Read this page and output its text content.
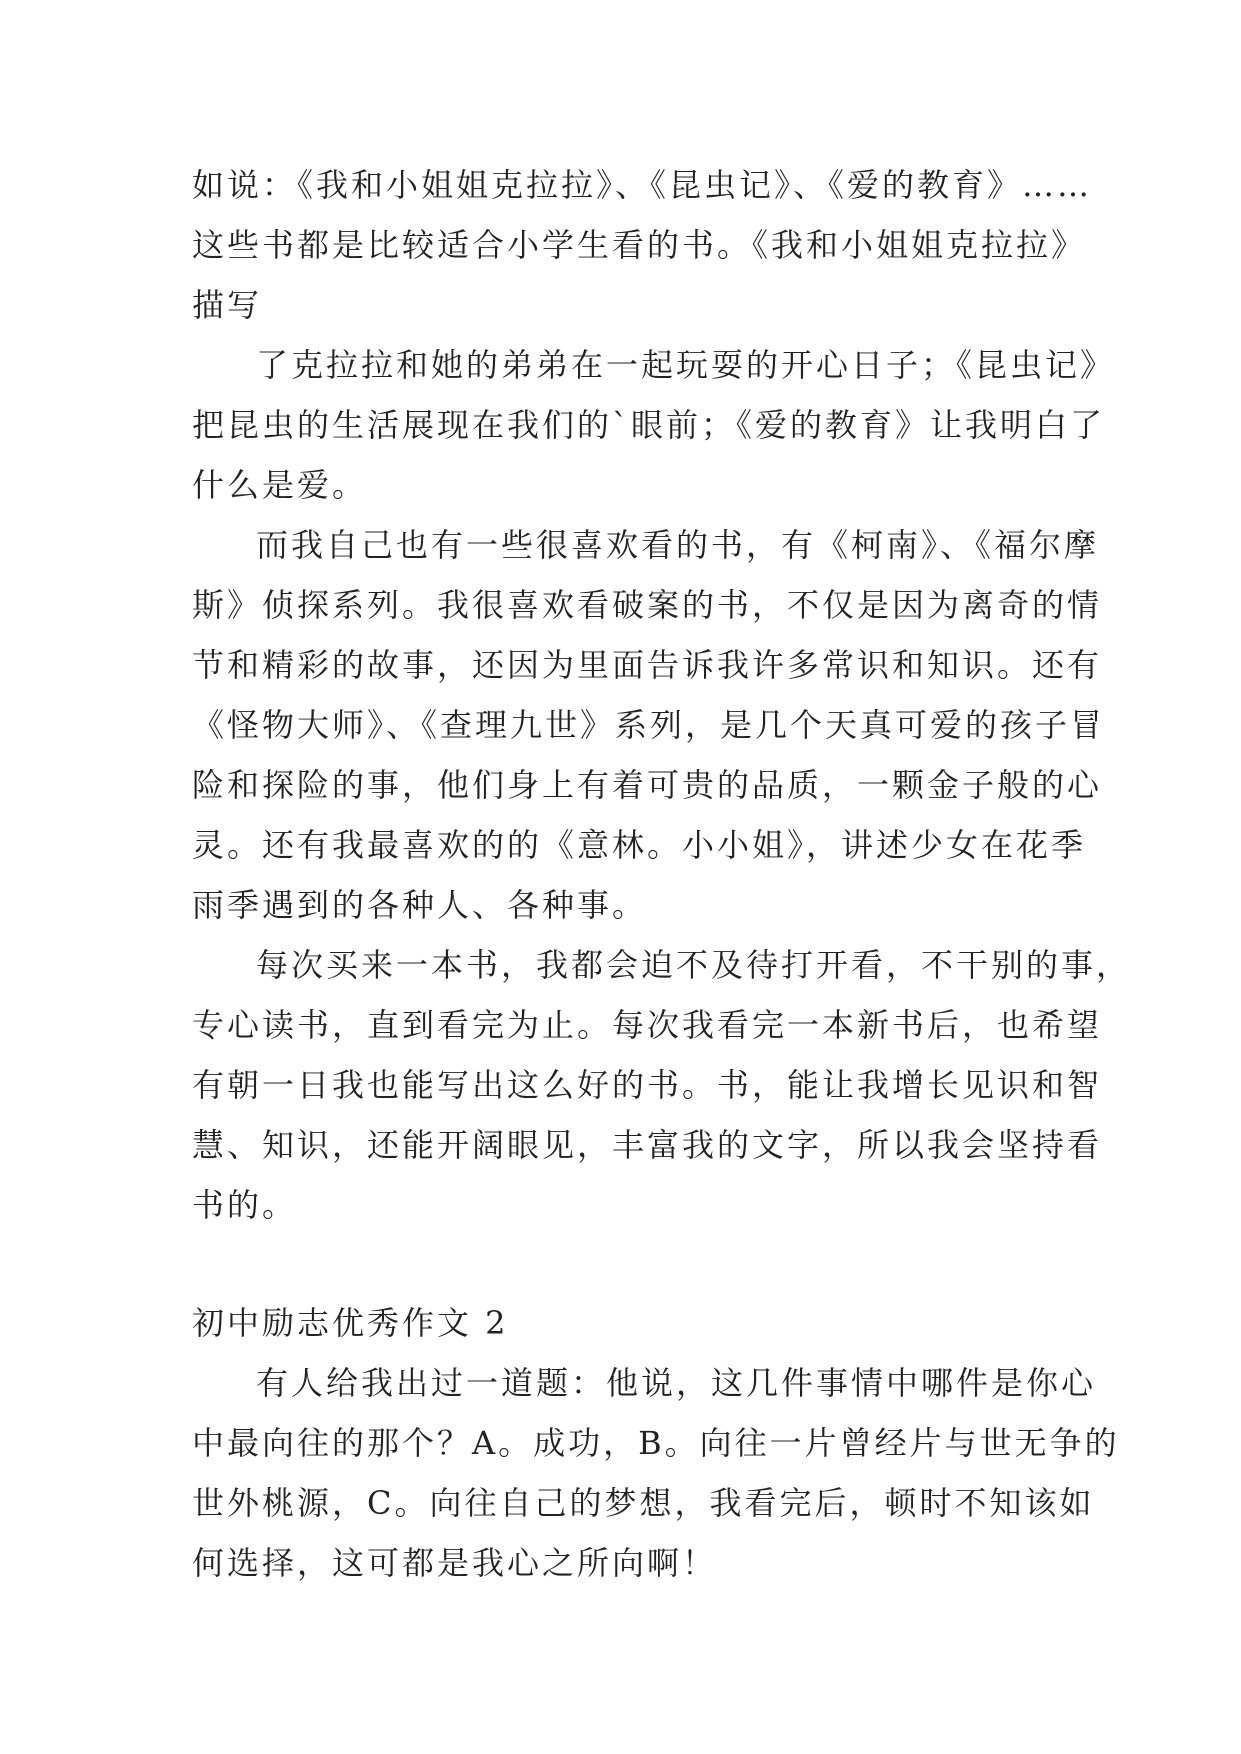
如说：《我和小姐姐克拉拉》、《昆虫记》、《爱的教育》……
这些书都是比较适合小学生看的书。《我和小姐姐克拉拉》
描写
了克拉拉和她的弟弟在一起玩耍的开心日子；《昆虫记》
把昆虫的生活展现在我们的`眼前；《爱的教育》让我明白了
什么是爱。
而我自己也有一些很喜欢看的书，有《柯南》、《福尔摩
斯》侦探系列。我很喜欢看破案的书，不仅是因为离奇的情
节和精彩的故事，还因为里面告诉我许多常识和知识。还有
《怪物大师》、《查理九世》系列，是几个天真可爱的孩子冒
险和探险的事，他们身上有着可贵的品质，一颗金子般的心
灵。还有我最喜欢的的《意林。小小姐》，讲述少女在花季
雨季遇到的各种人、各种事。
每次买来一本书，我都会迫不及待打开看，不干别的事，
专心读书，直到看完为止。每次我看完一本新书后，也希望
有朝一日我也能写出这么好的书。书，能让我增长见识和智
慧、知识，还能开阔眼见，丰富我的文字，所以我会坚持看
书的。
初中励志优秀作文 2
有人给我出过一道题：他说，这几件事情中哪件是你心
中最向往的那个？A。成功，B。向往一片曾经片与世无争的
世外桃源，C。向往自己的梦想，我看完后，顿时不知该如
何选择，这可都是我心之所向啊！
